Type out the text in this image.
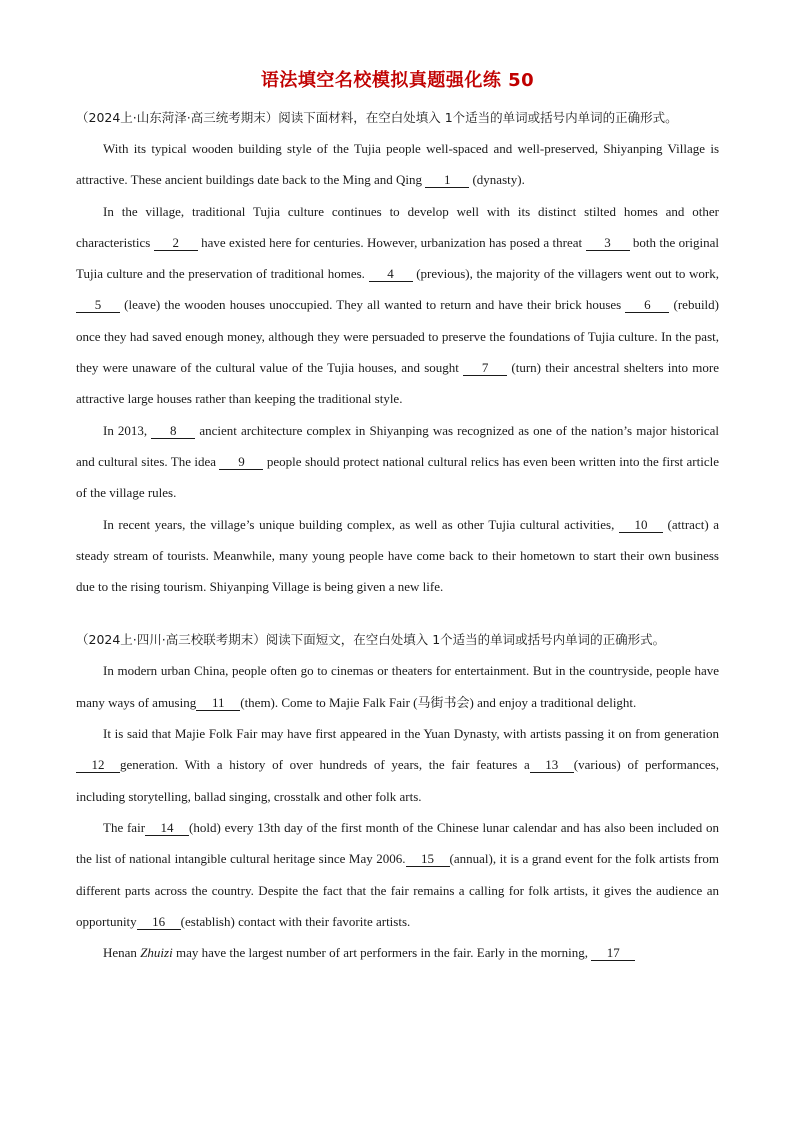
语法填空名校模拟真题强化练 50

（2024上·山东菏泽·高三统考期末）阅读下面材料，在空白处填入 1个适当的单词或括号内单词的正确形式。

With its typical wooden building style of the Tujia people well-spaced and well-preserved, Shiyanping Village is attractive. These ancient buildings date back to the Ming and Qing 1 (dynasty).

In the village, traditional Tujia culture continues to develop well with its distinct stilted homes and other characteristics 2 have existed here for centuries. However, urbanization has posed a threat 3 both the original Tujia culture and the preservation of traditional homes. 4 (previous), the majority of the villagers went out to work, 5 (leave) the wooden houses unoccupied. They all wanted to return and have their brick houses 6 (rebuild) once they had saved enough money, although they were persuaded to preserve the foundations of Tujia culture. In the past, they were unaware of the cultural value of the Tujia houses, and sought 7 (turn) their ancestral shelters into more attractive large houses rather than keeping the traditional style.

In 2013, 8 ancient architecture complex in Shiyanping was recognized as one of the nation’s major historical and cultural sites. The idea 9 people should protect national cultural relics has even been written into the first article of the village rules.

In recent years, the village’s unique building complex, as well as other Tujia cultural activities, 10 (attract) a steady stream of tourists. Meanwhile, many young people have come back to their hometown to start their own business due to the rising tourism. Shiyanping Village is being given a new life.

（2024上·四川·高三校联考期末）阅读下面短文，在空白处填入 1个适当的单词或括号内单词的正确形式。

In modern urban China, people often go to cinemas or theaters for entertainment. But in the countryside, people have many ways of amusing 11 (them). Come to Majie Falk Fair (马街书会) and enjoy a traditional delight.

It is said that Majie Folk Fair may have first appeared in the Yuan Dynasty, with artists passing it on from generation12 generation. With a history of over hundreds of years, the fair features a 13 (various) of performances, including storytelling, ballad singing, crosstalk and other folk arts.

The fair 14 (hold) every 13th day of the first month of the Chinese lunar calendar and has also been included on the list of national intangible cultural heritage since May 2006. 15 (annual), it is a grand event for the folk artists from different parts across the country. Despite the fact that the fair remains a calling for folk artists, it gives the audience an opportunity 16 (establish) contact with their favorite artists.

Henan Zhuizi may have the largest number of art performers in the fair. Early in the morning, 17
